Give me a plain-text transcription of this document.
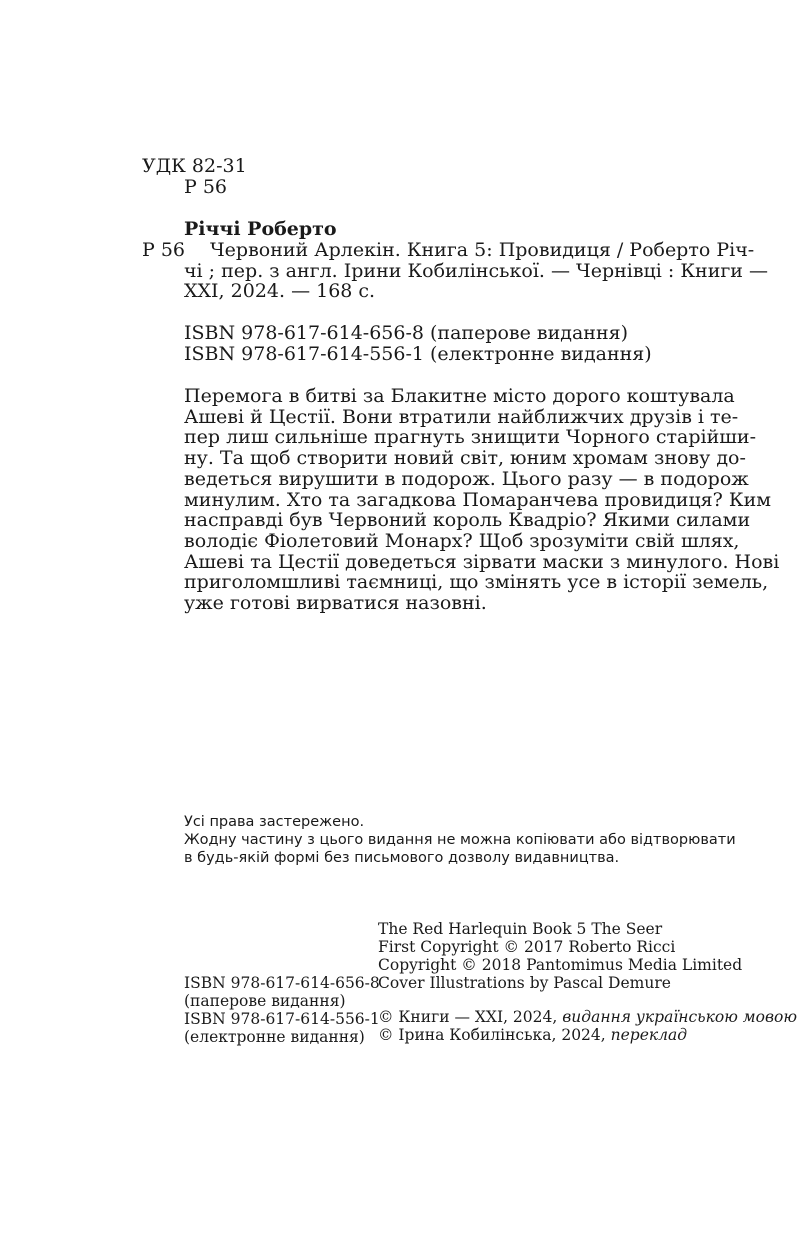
УДК 82-31
Р 56
Річчі Роберто
Р 56	Червоний Арлекін. Книга 5: Провидиця / Роберто Річ-
чі ; пер. з англ. Ірини Кобилінської. — Чернівці : Книги —
XXI, 2024. — 168 с.
ISBN 978-617-614-656-8 (паперове видання)
ISBN 978-617-614-556-1 (електронне видання)
Перемога в битві за Блакитне місто дорого коштувала
Ашеві й Цестії. Вони втратили найближчих друзів і те-
пер лиш сильніше прагнуть знищити Чорного старійши-
ну. Та щоб створити новий світ, юним хромам знову до-
ведеться вирушити в подорож. Цього разу — в подорож
минулим. Хто та загадкова Помаранчева провидиця? Ким
насправді був Червоний король Квадріо? Якими силами
володіє Фіолетовий Монарх? Щоб зрозуміти свій шлях,
Ашеві та Цестії доведеться зірвати маски з минулого. Нові
приголомшливі таємниці, що змінять усе в історії земель,
уже готові вирватися назовні.
Усі права застережено.
Жодну частину з цього видання не можна копіювати або відтворювати
в будь-якій формі без письмового дозволу видавництва.
The Red Harlequin Book 5 The Seer
First Copyright © 2017 Roberto Ricci
Copyright © 2018 Pantomimus Media Limited
Cover Illustrations by Pascal Demure
© Книги — XXI, 2024, видання українською мовою
© Ірина Кобилінська, 2024, переклад
ISBN 978-617-614-656-8
(паперове видання)
ISBN 978-617-614-556-1
(електронне видання)
